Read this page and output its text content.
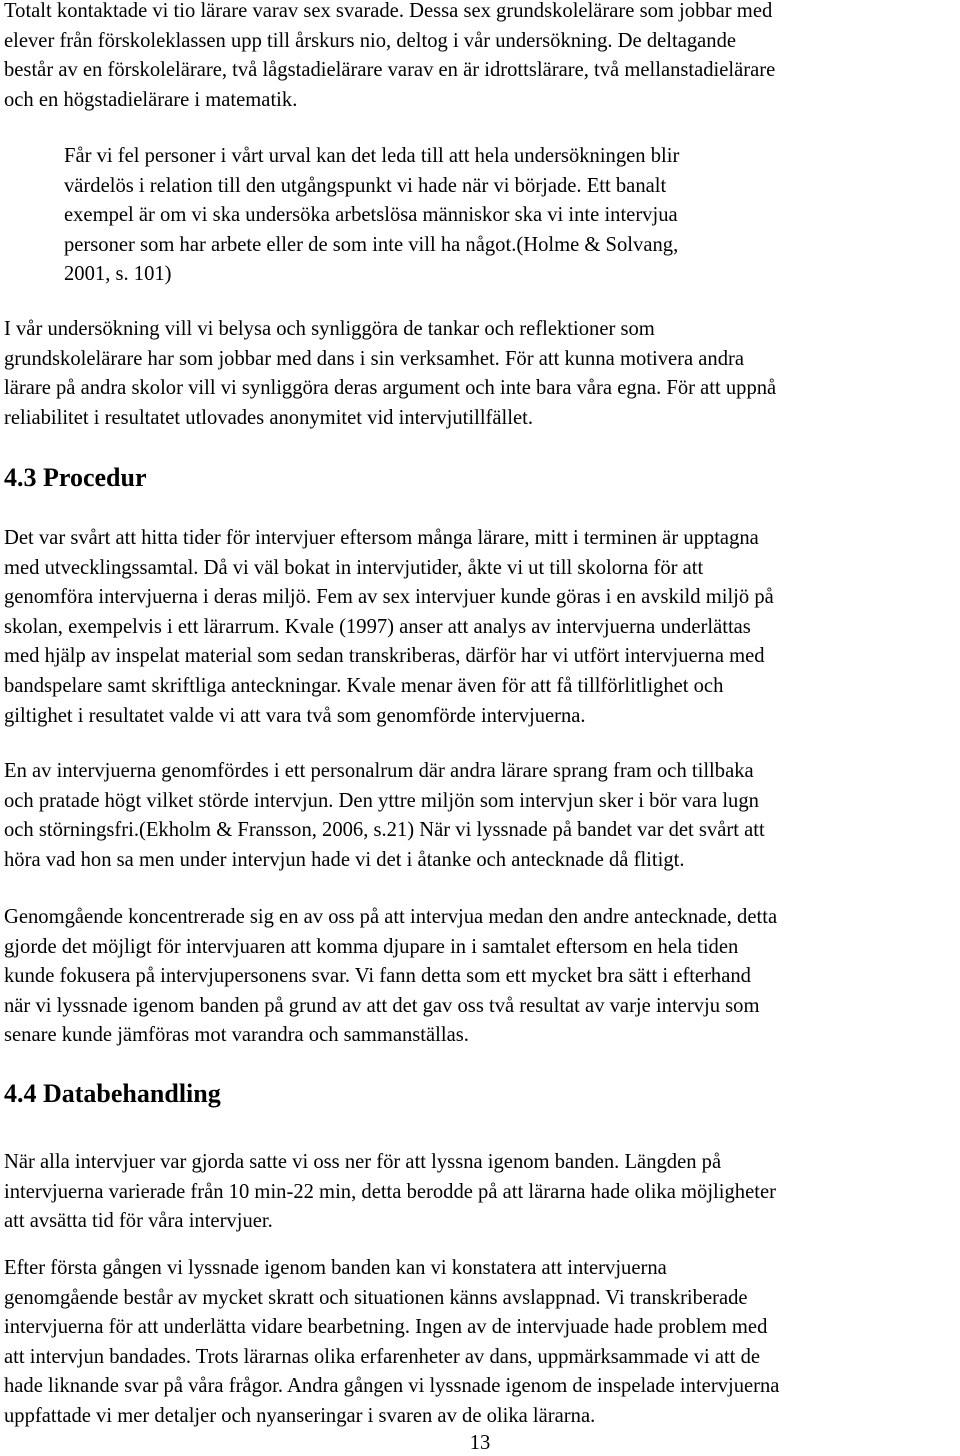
Totalt kontaktade vi tio lärare varav sex svarade. Dessa sex grundskolelärare som jobbar med
elever från förskoleklassen upp till årskurs nio, deltog i vår undersökning. De deltagande
består av en förskolelärare, två lågstadielärare varav en är idrottslärare, två mellanstadielärare
och en högstadielärare i matematik.
Får vi fel personer i vårt urval kan det leda till att hela undersökningen blir
värdelös i relation till den utgångspunkt vi hade när vi började. Ett banalt
exempel är om vi ska undersöka arbetslösa människor ska vi inte intervjua
personer som har arbete eller de som inte vill ha något.(Holme & Solvang,
2001, s. 101)
I vår undersökning vill vi belysa och synliggöra de tankar och reflektioner som
grundskolelärare har som jobbar med dans i sin verksamhet. För att kunna motivera andra
lärare på andra skolor vill vi synliggöra deras argument och inte bara våra egna. För att uppnå
reliabilitet i resultatet utlovades anonymitet vid intervjutillfället.
4.3 Procedur
Det var svårt att hitta tider för intervjuer eftersom många lärare, mitt i terminen är upptagna
med utvecklingssamtal. Då vi väl bokat in intervjutider, åkte vi ut till skolorna för att
genomföra intervjuerna i deras miljö. Fem av sex intervjuer kunde göras i en avskild miljö på
skolan, exempelvis i ett lärarrum. Kvale (1997) anser att analys av intervjuerna underlättas
med hjälp av inspelat material som sedan transkriberas, därför har vi utfört intervjuerna med
bandspelare samt skriftliga anteckningar. Kvale menar även för att få tillförlitlighet och
giltighet i resultatet valde vi att vara två som genomförde intervjuerna.
En av intervjuerna genomfördes i ett personalrum där andra lärare sprang fram och tillbaka
och pratade högt vilket störde intervjun. Den yttre miljön som intervjun sker i bör vara lugn
och störningsfri.(Ekholm & Fransson, 2006, s.21) När vi lyssnade på bandet var det svårt att
höra vad hon sa men under intervjun hade vi det i åtanke och antecknade då flitigt.
Genomgående koncentrerade sig en av oss på att intervjua medan den andre antecknade, detta
gjorde det möjligt för intervjuaren att komma djupare in i samtalet eftersom en hela tiden
kunde fokusera på intervjupersonens svar. Vi fann detta som ett mycket bra sätt i efterhand
när vi lyssnade igenom banden på grund av att det gav oss två resultat av varje intervju som
senare kunde jämföras mot varandra och sammanställas.
4.4 Databehandling
När alla intervjuer var gjorda satte vi oss ner för att lyssna igenom banden. Längden på
intervjuerna varierade från 10 min-22 min, detta berodde på att lärarna hade olika möjligheter
att avsätta tid för våra intervjuer.
Efter första gången vi lyssnade igenom banden kan vi konstatera att intervjuerna
genomgående består av mycket skratt och situationen känns avslappnad. Vi transkriberade
intervjuerna för att underlätta vidare bearbetning. Ingen av de intervjuade hade problem med
att intervjun bandades. Trots lärarnas olika erfarenheter av dans, uppmärksammade vi att de
hade liknande svar på våra frågor. Andra gången vi lyssnade igenom de inspelade intervjuerna
uppfattade vi mer detaljer och nyanseringar i svaren av de olika lärarna.
13
